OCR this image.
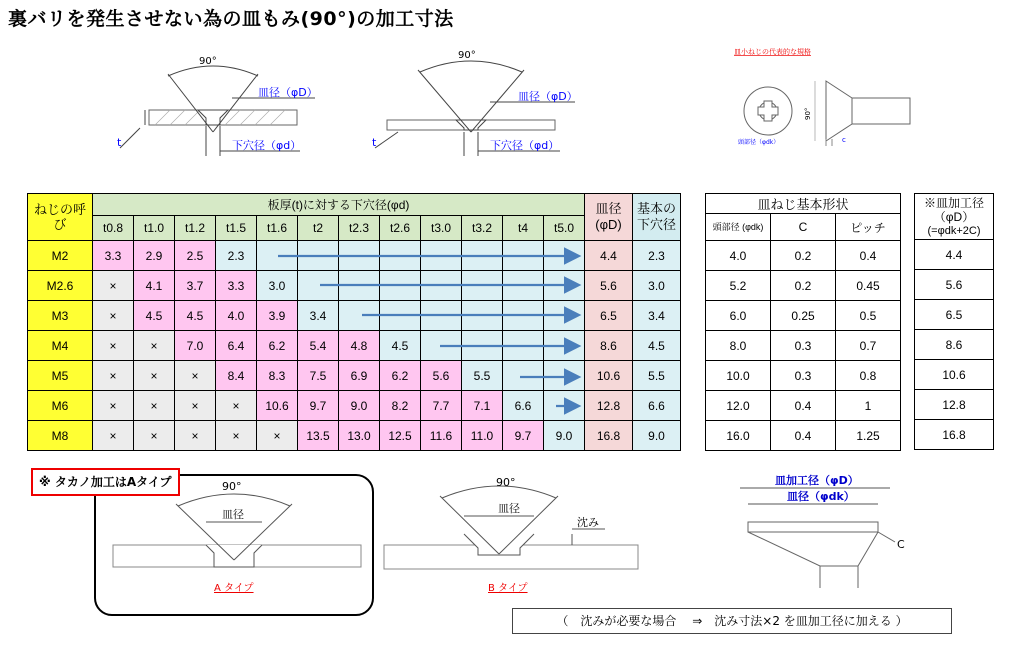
裏バリを発生させない為の皿もみ(90°)の加工寸法
90°
皿径（φD）
下穴径（φd）
t
90°
皿径（φD）
下穴径（φd）
t
皿小ねじの代表的な規格
90°
頭部径（φdk）	c
ねじの呼び	板厚(t)に対する下穴径(φd)												皿径 (φD)	基本の 下穴径
	t0.8	t1.0	t1.2	t1.5	t1.6	t2	t2.3	t2.6	t3.0	t3.2	t4	t5.0		
M2	3.3	2.9	2.5	2.3									4.4	2.3
M2.6	×	4.1	3.7	3.3	3.0								5.6	3.0
M3	×	4.5	4.5	4.0	3.9	3.4							6.5	3.4
M4	×	×	7.0	6.4	6.2	5.4	4.8	4.5					8.6	4.5
M5	×	×	×	8.4	8.3	7.5	6.9	6.2	5.6	5.5			10.6	5.5
M6	×	×	×	×	10.6	9.7	9.0	8.2	7.7	7.1	6.6		12.8	6.6
M8	×	×	×	×	×	13.5	13.0	12.5	11.6	11.0	9.7	9.0	16.8	9.0
皿ねじ基本形状		
頭部径 (φdk)	C	ピッチ
4.0	0.2	0.4
5.2	0.2	0.45
6.0	0.25	0.5
8.0	0.3	0.7
10.0	0.3	0.8
12.0	0.4	1
16.0	0.4	1.25
※皿加工径
（φD）
(=φdk+2C)

4.4
5.6
6.5
8.6
10.6
12.8
16.8
※ タカノ加工はAタイプ	90°
皿径
A タイプ
90°
皿径
沈み
B タイプ
皿加工径（φD）
皿径（φdk）
C
（　沈みが必要な場合　 ⇒　沈み寸法×2 を皿加工径に加える ）
